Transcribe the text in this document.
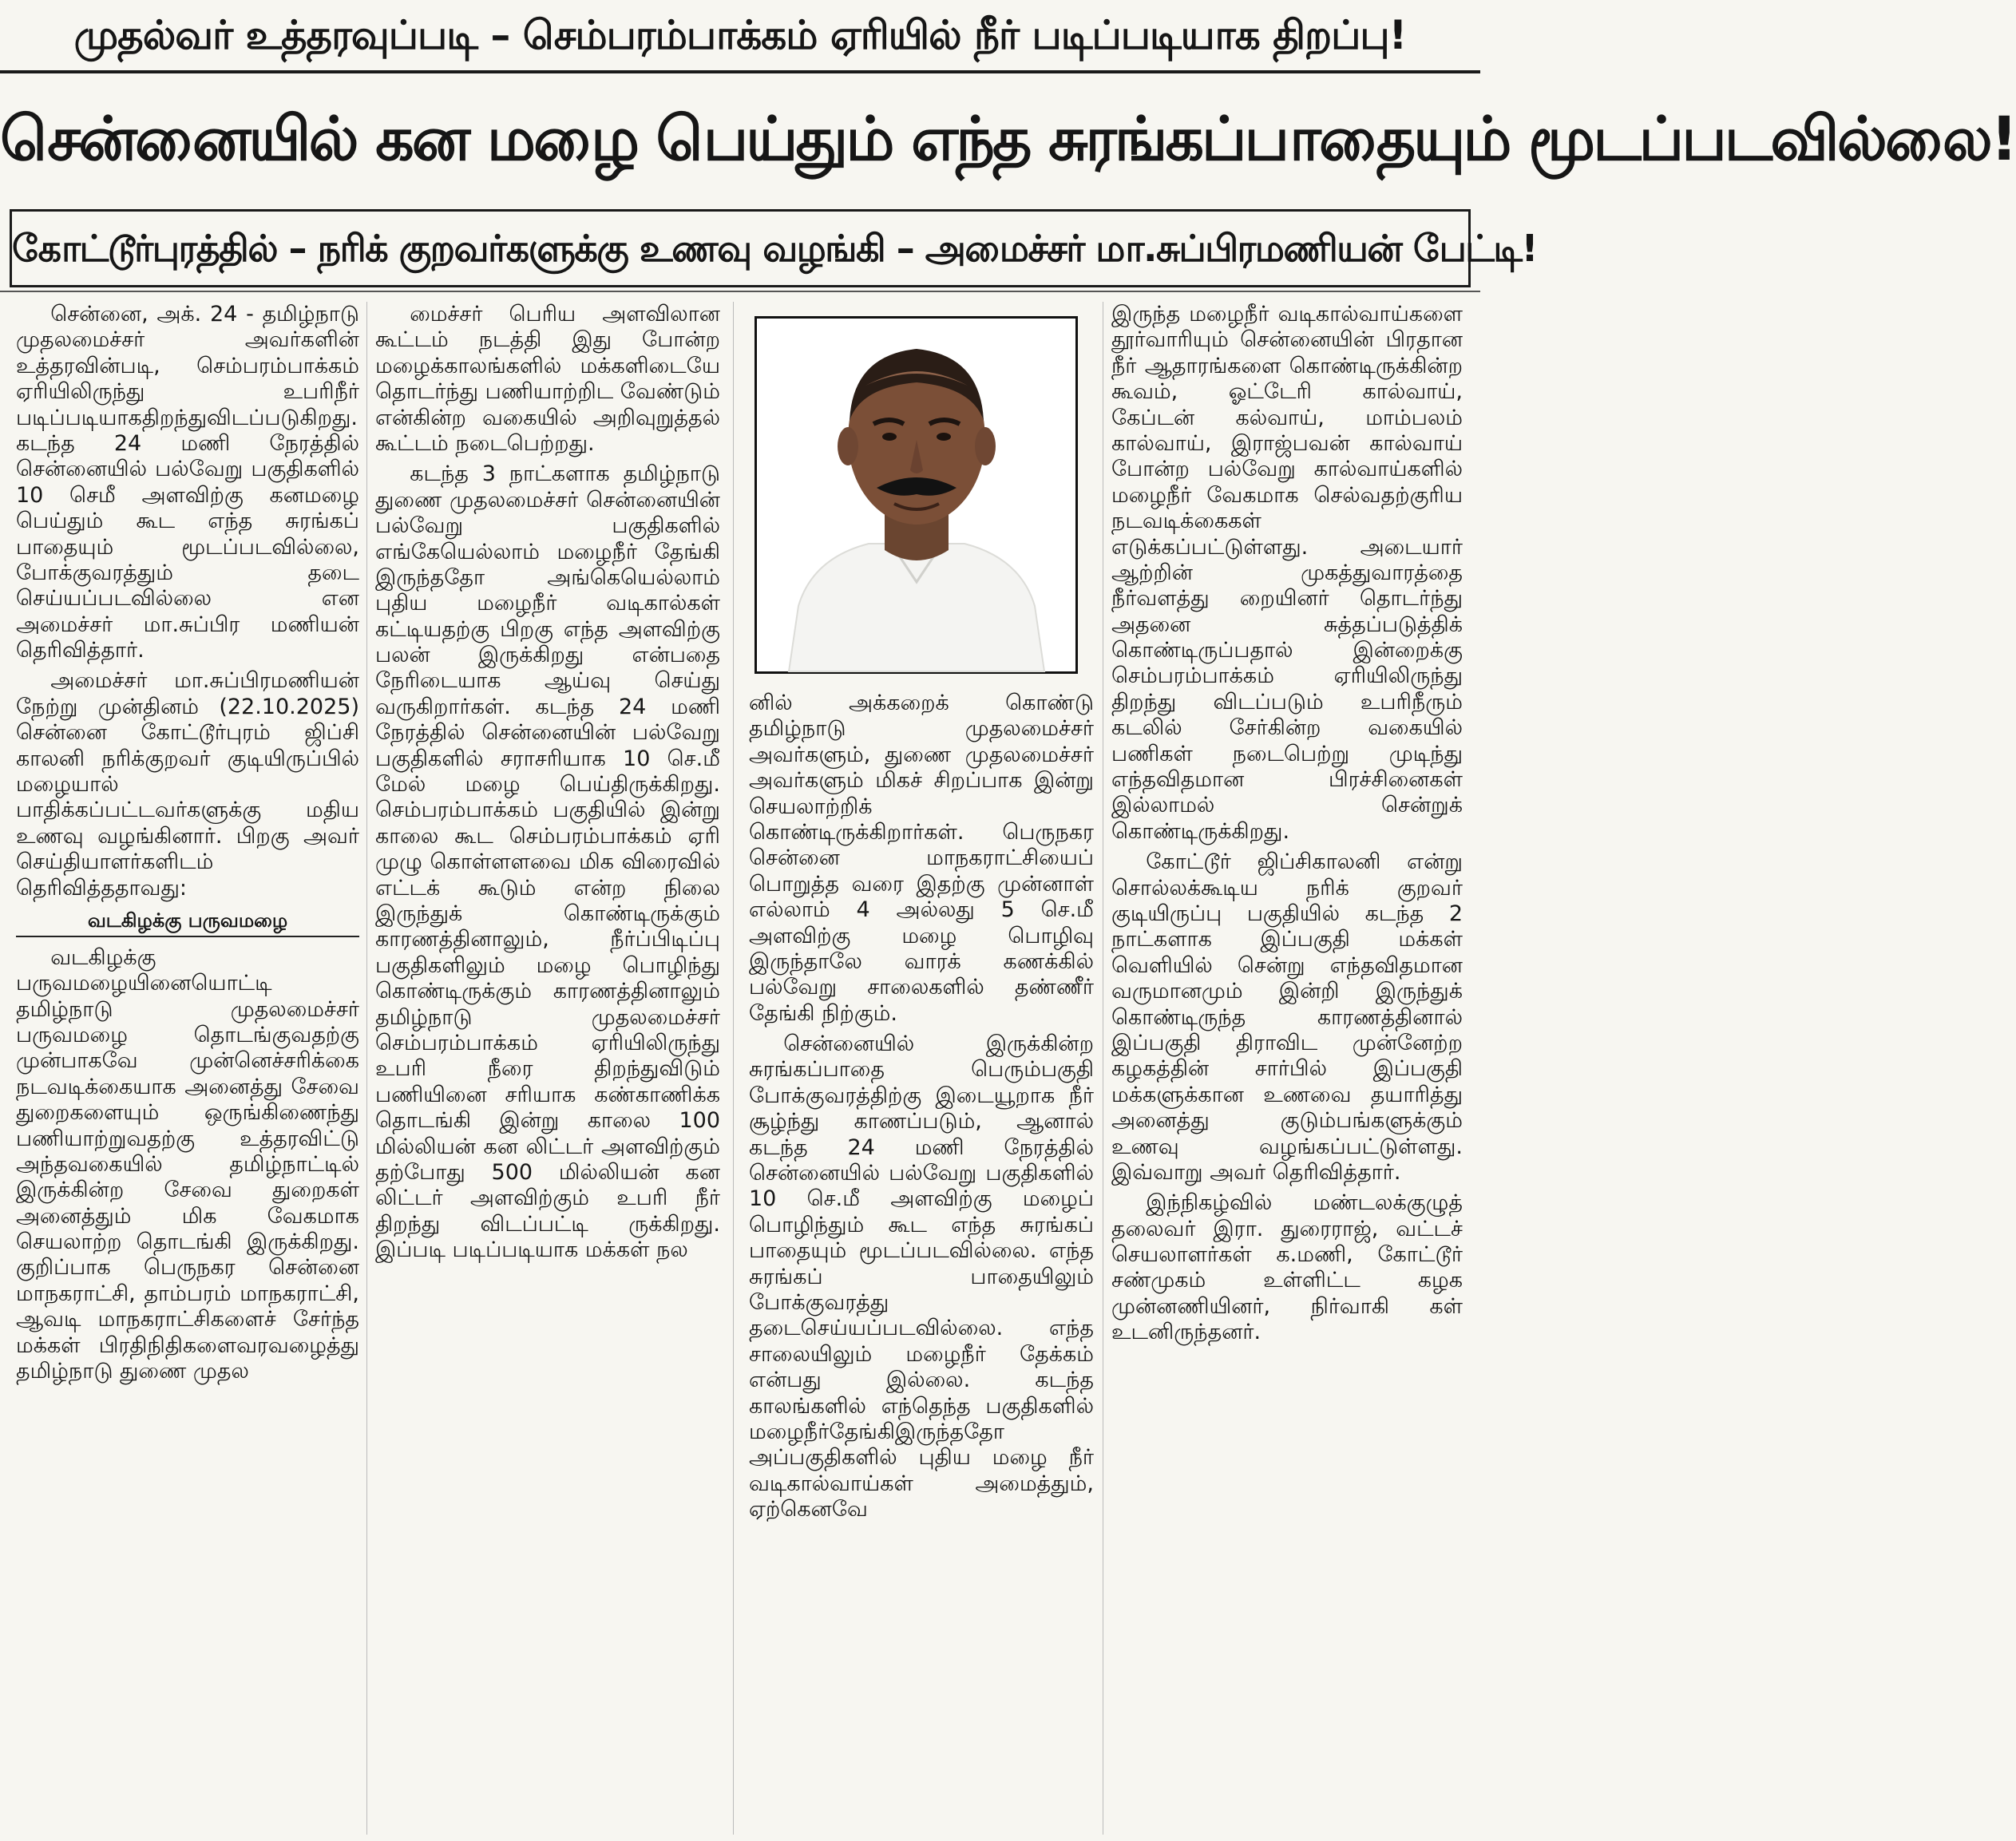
முதல்வர் உத்தரவுப்படி – செம்பரம்பாக்கம் ஏரியில் நீர் படிப்படியாக திறப்பு!
சென்னையில் கன மழை பெய்தும் எந்த சுரங்கப்பாதையும் மூடப்படவில்லை!
கோட்டூர்புரத்தில் – நரிக் குறவர்களுக்கு உணவு வழங்கி – அமைச்சர் மா.சுப்பிரமணியன் பேட்டி!

சென்னை, அக். 24 - தமிழ்நாடு முதலமைச்சர் அவர்களின் உத்தரவின்படி, செம்பரம்பாக்கம் ஏரியிலிருந்து உபரிநீர் படிப்படியாகதிறந்துவிடப்படுகிறது. கடந்த 24 மணி நேரத்தில் சென்னையில் பல்வேறு பகுதிகளில் 10 செமீ அளவிற்கு கனமழை பெய்தும் கூட எந்த சுரங்கப் பாதையும் மூடப்படவில்லை, போக்குவரத்தும் தடை செய்யப்படவில்லை என அமைச்சர் மா.சுப்பிர மணியன் தெரிவித்தார்.

அமைச்சர் மா.சுப்பிரமணியன் நேற்று முன்தினம் (22.10.2025) சென்னை கோட்டூர்புரம் ஜிப்சி காலனி நரிக்குறவர் குடியிருப்பில் மழையால் பாதிக்கப்பட்டவர்களுக்கு மதிய உணவு வழங்கினார். பிறகு அவர் செய்தியாளர்களிடம் தெரிவித்ததாவது:

வடகிழக்கு பருவமழை

வடகிழக்கு பருவமழையினையொட்டி தமிழ்நாடு முதலமைச்சர் பருவமழை தொடங்குவதற்கு முன்பாகவே முன்னெச்சரிக்கை நடவடிக்கையாக அனைத்து சேவை துறைகளையும் ஒருங்கிணைந்து பணியாற்றுவதற்கு உத்தரவிட்டு அந்தவகையில் தமிழ்நாட்டில் இருக்கின்ற சேவை துறைகள் அனைத்தும் மிக வேகமாக செயலாற்ற தொடங்கி இருக்கிறது. குறிப்பாக பெருநகர சென்னை மாநகராட்சி, தாம்பரம் மாநகராட்சி, ஆவடி மாநகராட்சிகளைச் சேர்ந்த மக்கள் பிரதிநிதிகளைவரவழைத்து தமிழ்நாடு துணை முதல

மைச்சர் பெரிய அளவிலான கூட்டம் நடத்தி இது போன்ற மழைக்காலங்களில் மக்களிடையே தொடர்ந்து பணியாற்றிட வேண்டும் என்கின்ற வகையில் அறிவுறுத்தல் கூட்டம் நடைபெற்றது.

கடந்த 3 நாட்களாக தமிழ்நாடு துணை முதலமைச்சர் சென்னையின் பல்வேறு பகுதிகளில் எங்கேயெல்லாம் மழைநீர் தேங்கி இருந்ததோ அங்கெயெல்லாம் புதிய மழைநீர் வடிகால்கள் கட்டியதற்கு பிறகு எந்த அளவிற்கு பலன் இருக்கிறது என்பதை நேரிடையாக ஆய்வு செய்து வருகிறார்கள். கடந்த 24 மணி நேரத்தில் சென்னையின் பல்வேறு பகுதிகளில் சராசரியாக 10 செ.மீ மேல் மழை பெய்திருக்கிறது. செம்பரம்பாக்கம் பகுதியில் இன்று காலை கூட செம்பரம்பாக்கம் ஏரி முழு கொள்ளளவை மிக விரைவில் எட்டக் கூடும் என்ற நிலை இருந்துக் கொண்டிருக்கும் காரணத்தினாலும், நீர்ப்பிடிப்பு பகுதிகளிலும் மழை பொழிந்து கொண்டிருக்கும் காரணத்தினாலும் தமிழ்நாடு முதலமைச்சர் செம்பரம்பாக்கம் ஏரியிலிருந்து உபரி நீரை திறந்துவிடும் பணியினை சரியாக கண்காணிக்க தொடங்கி இன்று காலை 100 மில்லியன் கன லிட்டர் அளவிற்கும் தற்போது 500 மில்லியன் கன லிட்டர் அளவிற்கும் உபரி நீர் திறந்து விடப்பட்டி ருக்கிறது. இப்படி படிப்படியாக மக்கள் நல

னில் அக்கறைக் கொண்டு தமிழ்நாடு முதலமைச்சர் அவர்களும், துணை முதலமைச்சர் அவர்களும் மிகச் சிறப்பாக இன்று செயலாற்றிக் கொண்டிருக்கிறார்கள். பெருநகர சென்னை மாநகராட்சியைப் பொறுத்த வரை இதற்கு முன்னாள் எல்லாம் 4 அல்லது 5 செ.மீ அளவிற்கு மழை பொழிவு இருந்தாலே வாரக் கணக்கில் பல்வேறு சாலைகளில் தண்ணீர் தேங்கி நிற்கும்.

சென்னையில் இருக்கின்ற சுரங்கப்பாதை பெரும்பகுதி போக்குவரத்திற்கு இடையூறாக நீர் சூழ்ந்து காணப்படும், ஆனால் கடந்த 24 மணி நேரத்தில் சென்னையில் பல்வேறு பகுதிகளில் 10 செ.மீ அளவிற்கு மழைப் பொழிந்தும் கூட எந்த சுரங்கப் பாதையும் மூடப்படவில்லை. எந்த சுரங்கப் பாதையிலும் போக்குவரத்து தடைசெய்யப்படவில்லை. எந்த சாலையிலும் மழைநீர் தேக்கம் என்பது இல்லை. கடந்த காலங்களில் எந்தெந்த பகுதிகளில் மழைநீர்தேங்கிஇருந்ததோ அப்பகுதிகளில் புதிய மழை நீர் வடிகால்வாய்கள் அமைத்தும், ஏற்கெனவே

இருந்த மழைநீர் வடிகால்வாய்களை தூர்வாரியும் சென்னையின் பிரதான நீர் ஆதாரங்களை கொண்டிருக்கின்ற கூவம், ஓட்டேரி கால்வாய், கேப்டன் கல்வாய், மாம்பலம் கால்வாய், இராஜ்பவன் கால்வாய் போன்ற பல்வேறு கால்வாய்களில் மழைநீர் வேகமாக செல்வதற்குரிய நடவடிக்கைகள் எடுக்கப்பட்டுள்ளது. அடையார் ஆற்றின் முகத்துவாரத்தை நீர்வளத்து றையினர் தொடர்ந்து அதனை சுத்தப்படுத்திக் கொண்டிருப்பதால் இன்றைக்கு செம்பரம்பாக்கம் ஏரியிலிருந்து திறந்து விடப்படும் உபரிநீரும் கடலில் சேர்கின்ற வகையில் பணிகள் நடைபெற்று முடிந்து எந்தவிதமான பிரச்சினைகள் இல்லாமல் சென்றுக் கொண்டிருக்கிறது.

கோட்டூர் ஜிப்சிகாலனி என்று சொல்லக்கூடிய நரிக் குறவர் குடியிருப்பு பகுதியில் கடந்த 2 நாட்களாக இப்பகுதி மக்கள் வெளியில் சென்று எந்தவிதமான வருமானமும் இன்றி இருந்துக் கொண்டிருந்த காரணத்தினால் இப்பகுதி திராவிட முன்னேற்ற கழகத்தின் சார்பில் இப்பகுதி மக்களுக்கான உணவை தயாரித்து அனைத்து குடும்பங்களுக்கும் உணவு வழங்கப்பட்டுள்ளது. இவ்வாறு அவர் தெரிவித்தார்.

இந்நிகழ்வில் மண்டலக்குழுத் தலைவர் இரா. துரைராஜ், வட்டச் செயலாளர்கள் க.மணி, கோட்டூர் சண்முகம் உள்ளிட்ட கழக முன்னணியினர், நிர்வாகி கள் உடனிருந்தனர்.
